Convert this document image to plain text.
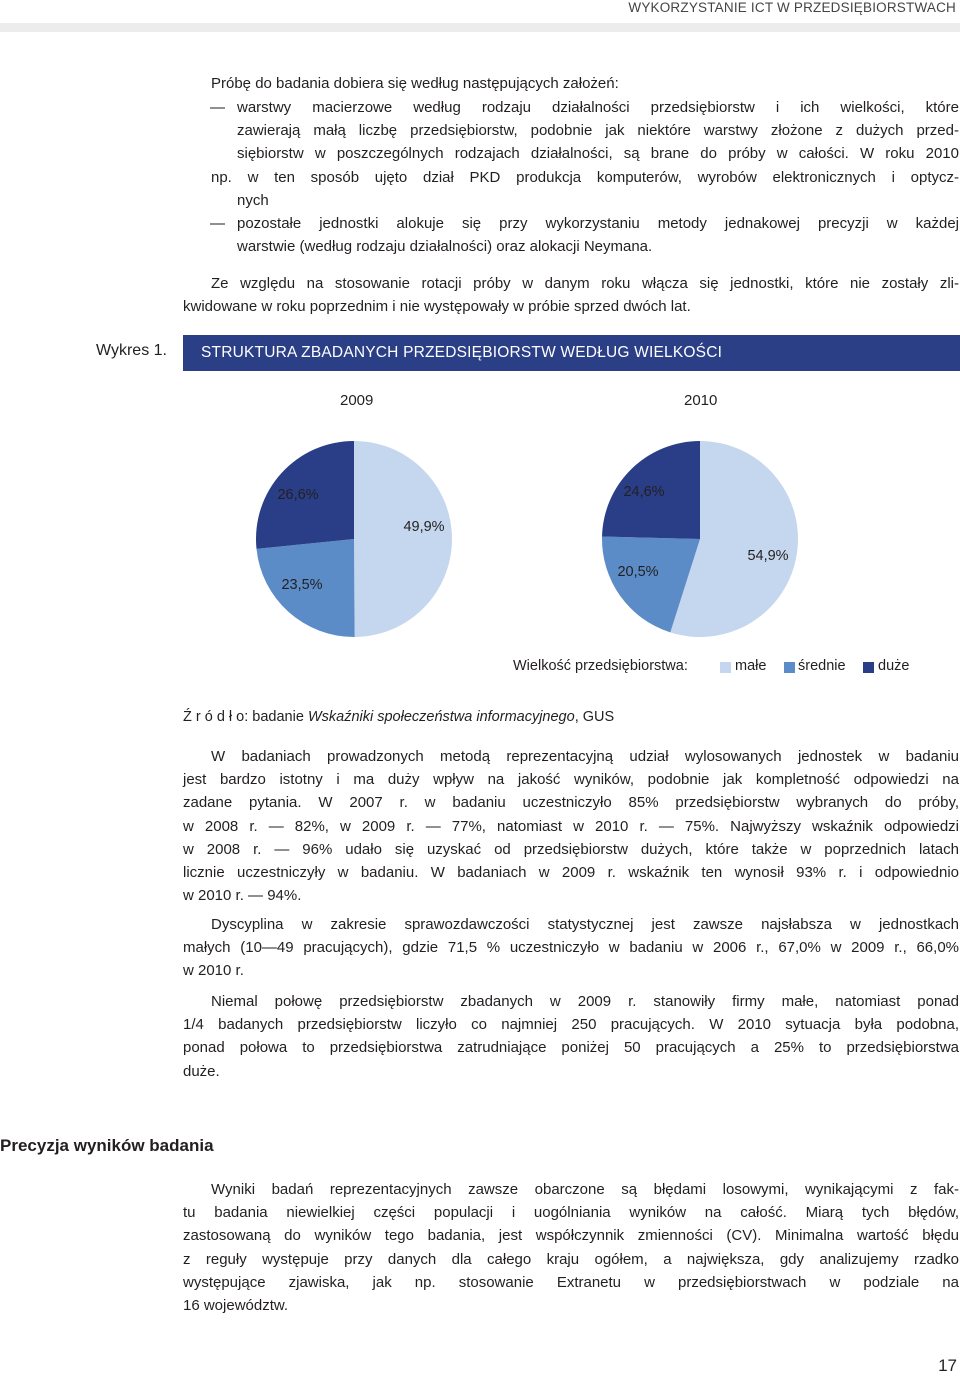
WYKORZYSTANIE ICT W PRZEDSIĘBIORSTWACH
Próbę do badania dobiera się według następujących założeń:
— warstwy macierzowe według rodzaju działalności przedsiębiorstw i ich wielkości, które
zawierają małą liczbę przedsiębiorstw, podobnie jak niektóre warstwy złożone z dużych przed-
siębiorstw w poszczególnych rodzajach działalności, są brane do próby w całości. W roku 2010
np. w ten sposób ujęto dział PKD produkcja komputerów, wyrobów elektronicznych i optycz-
nych
— pozostałe jednostki alokuje się przy wykorzystaniu metody jednakowej precyzji w każdej
warstwie (według rodzaju działalności) oraz alokacji Neymana.
Ze względu na stosowanie rotacji próby w danym roku włącza się jednostki, które nie zostały zli-
kwidowane w roku poprzednim i nie występowały w próbie sprzed dwóch lat.
Wykres 1. STRUKTURA ZBADANYCH PRZEDSIĘBIORSTW WEDŁUG WIELKOŚCI
2009	2010
49,9%
23,5%
26,6%
54,9%
20,5%
24,6%
Wielkość przedsiębiorstwa:	małe średnie duże
Ź r ó d ł o: badanie Wskaźniki społeczeństwa informacyjnego, GUS
W badaniach prowadzonych metodą reprezentacyjną udział wylosowanych jednostek w badaniu
jest bardzo istotny i ma duży wpływ na jakość wyników, podobnie jak kompletność odpowiedzi na
zadane pytania. W 2007 r. w badaniu uczestniczyło 85% przedsiębiorstw wybranych do próby,
w 2008 r. — 82%, w 2009 r. — 77%, natomiast w 2010 r. — 75%. Najwyższy wskaźnik odpowiedzi
w 2008 r. — 96% udało się uzyskać od przedsiębiorstw dużych, które także w poprzednich latach
licznie uczestniczyły w badaniu. W badaniach w 2009 r. wskaźnik ten wynosił 93% r. i odpowiednio
w 2010 r. — 94%.
Dyscyplina w zakresie sprawozdawczości statystycznej jest zawsze najsłabsza w jednostkach
małych (10—49 pracujących), gdzie 71,5 % uczestniczyło w badaniu w 2006 r., 67,0% w 2009 r., 66,0%
w 2010 r.
Niemal połowę przedsiębiorstw zbadanych w 2009 r. stanowiły firmy małe, natomiast ponad
1/4 badanych przedsiębiorstw liczyło co najmniej 250 pracujących. W 2010 sytuacja była podobna,
ponad połowa to przedsiębiorstwa zatrudniające poniżej 50 pracujących a 25% to przedsiębiorstwa
duże.
Precyzja wyników badania
Wyniki badań reprezentacyjnych zawsze obarczone są błędami losowymi, wynikającymi z fak-
tu badania niewielkiej części populacji i uogólniania wyników na całość. Miarą tych błędów,
zastosowaną do wyników tego badania, jest współczynnik zmienności (CV). Minimalna wartość błędu
z reguły występuje przy danych dla całego kraju ogółem, a największa, gdy analizujemy rzadko
występujące zjawiska, jak np. stosowanie Extranetu w przedsiębiorstwach w podziale na
16 województw.
17
